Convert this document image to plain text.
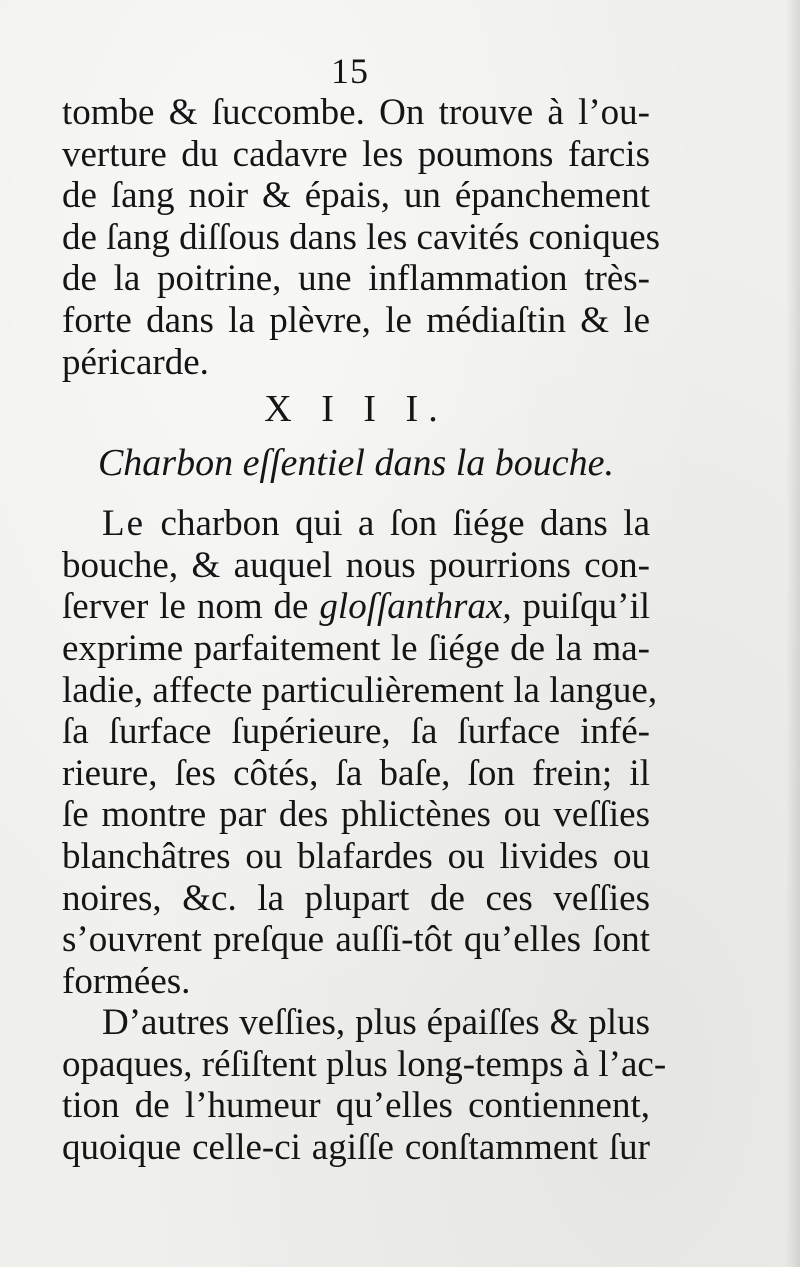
15
tombe & ſuccombe. On trouve à l’ou-
verture du cadavre les poumons farcis
de ſang noir & épais, un épanchement
de ſang diſſous dans les cavités coniques
de la poitrine, une inflammation très-
forte dans la plèvre, le médiaſtin & le
péricarde.
X I I I.
Charbon eſſentiel dans la bouche.
Le charbon qui a ſon ſiége dans la
bouche, & auquel nous pourrions con-
ſerver le nom de gloſſanthrax, puiſqu’il
exprime parfaitement le ſiége de la ma-
ladie, affecte particulièrement la langue,
ſa ſurface ſupérieure, ſa ſurface infé-
rieure, ſes côtés, ſa baſe, ſon frein; il
ſe montre par des phlictènes ou veſſies
blanchâtres ou blafardes ou livides ou
noires, &c. la plupart de ces veſſies
s’ouvrent preſque auſſi-tôt qu’elles ſont
formées.
D’autres veſſies, plus épaiſſes & plus
opaques, réſiſtent plus long-temps à l’ac-
tion de l’humeur qu’elles contiennent,
quoique celle-ci agiſſe conſtamment ſur
